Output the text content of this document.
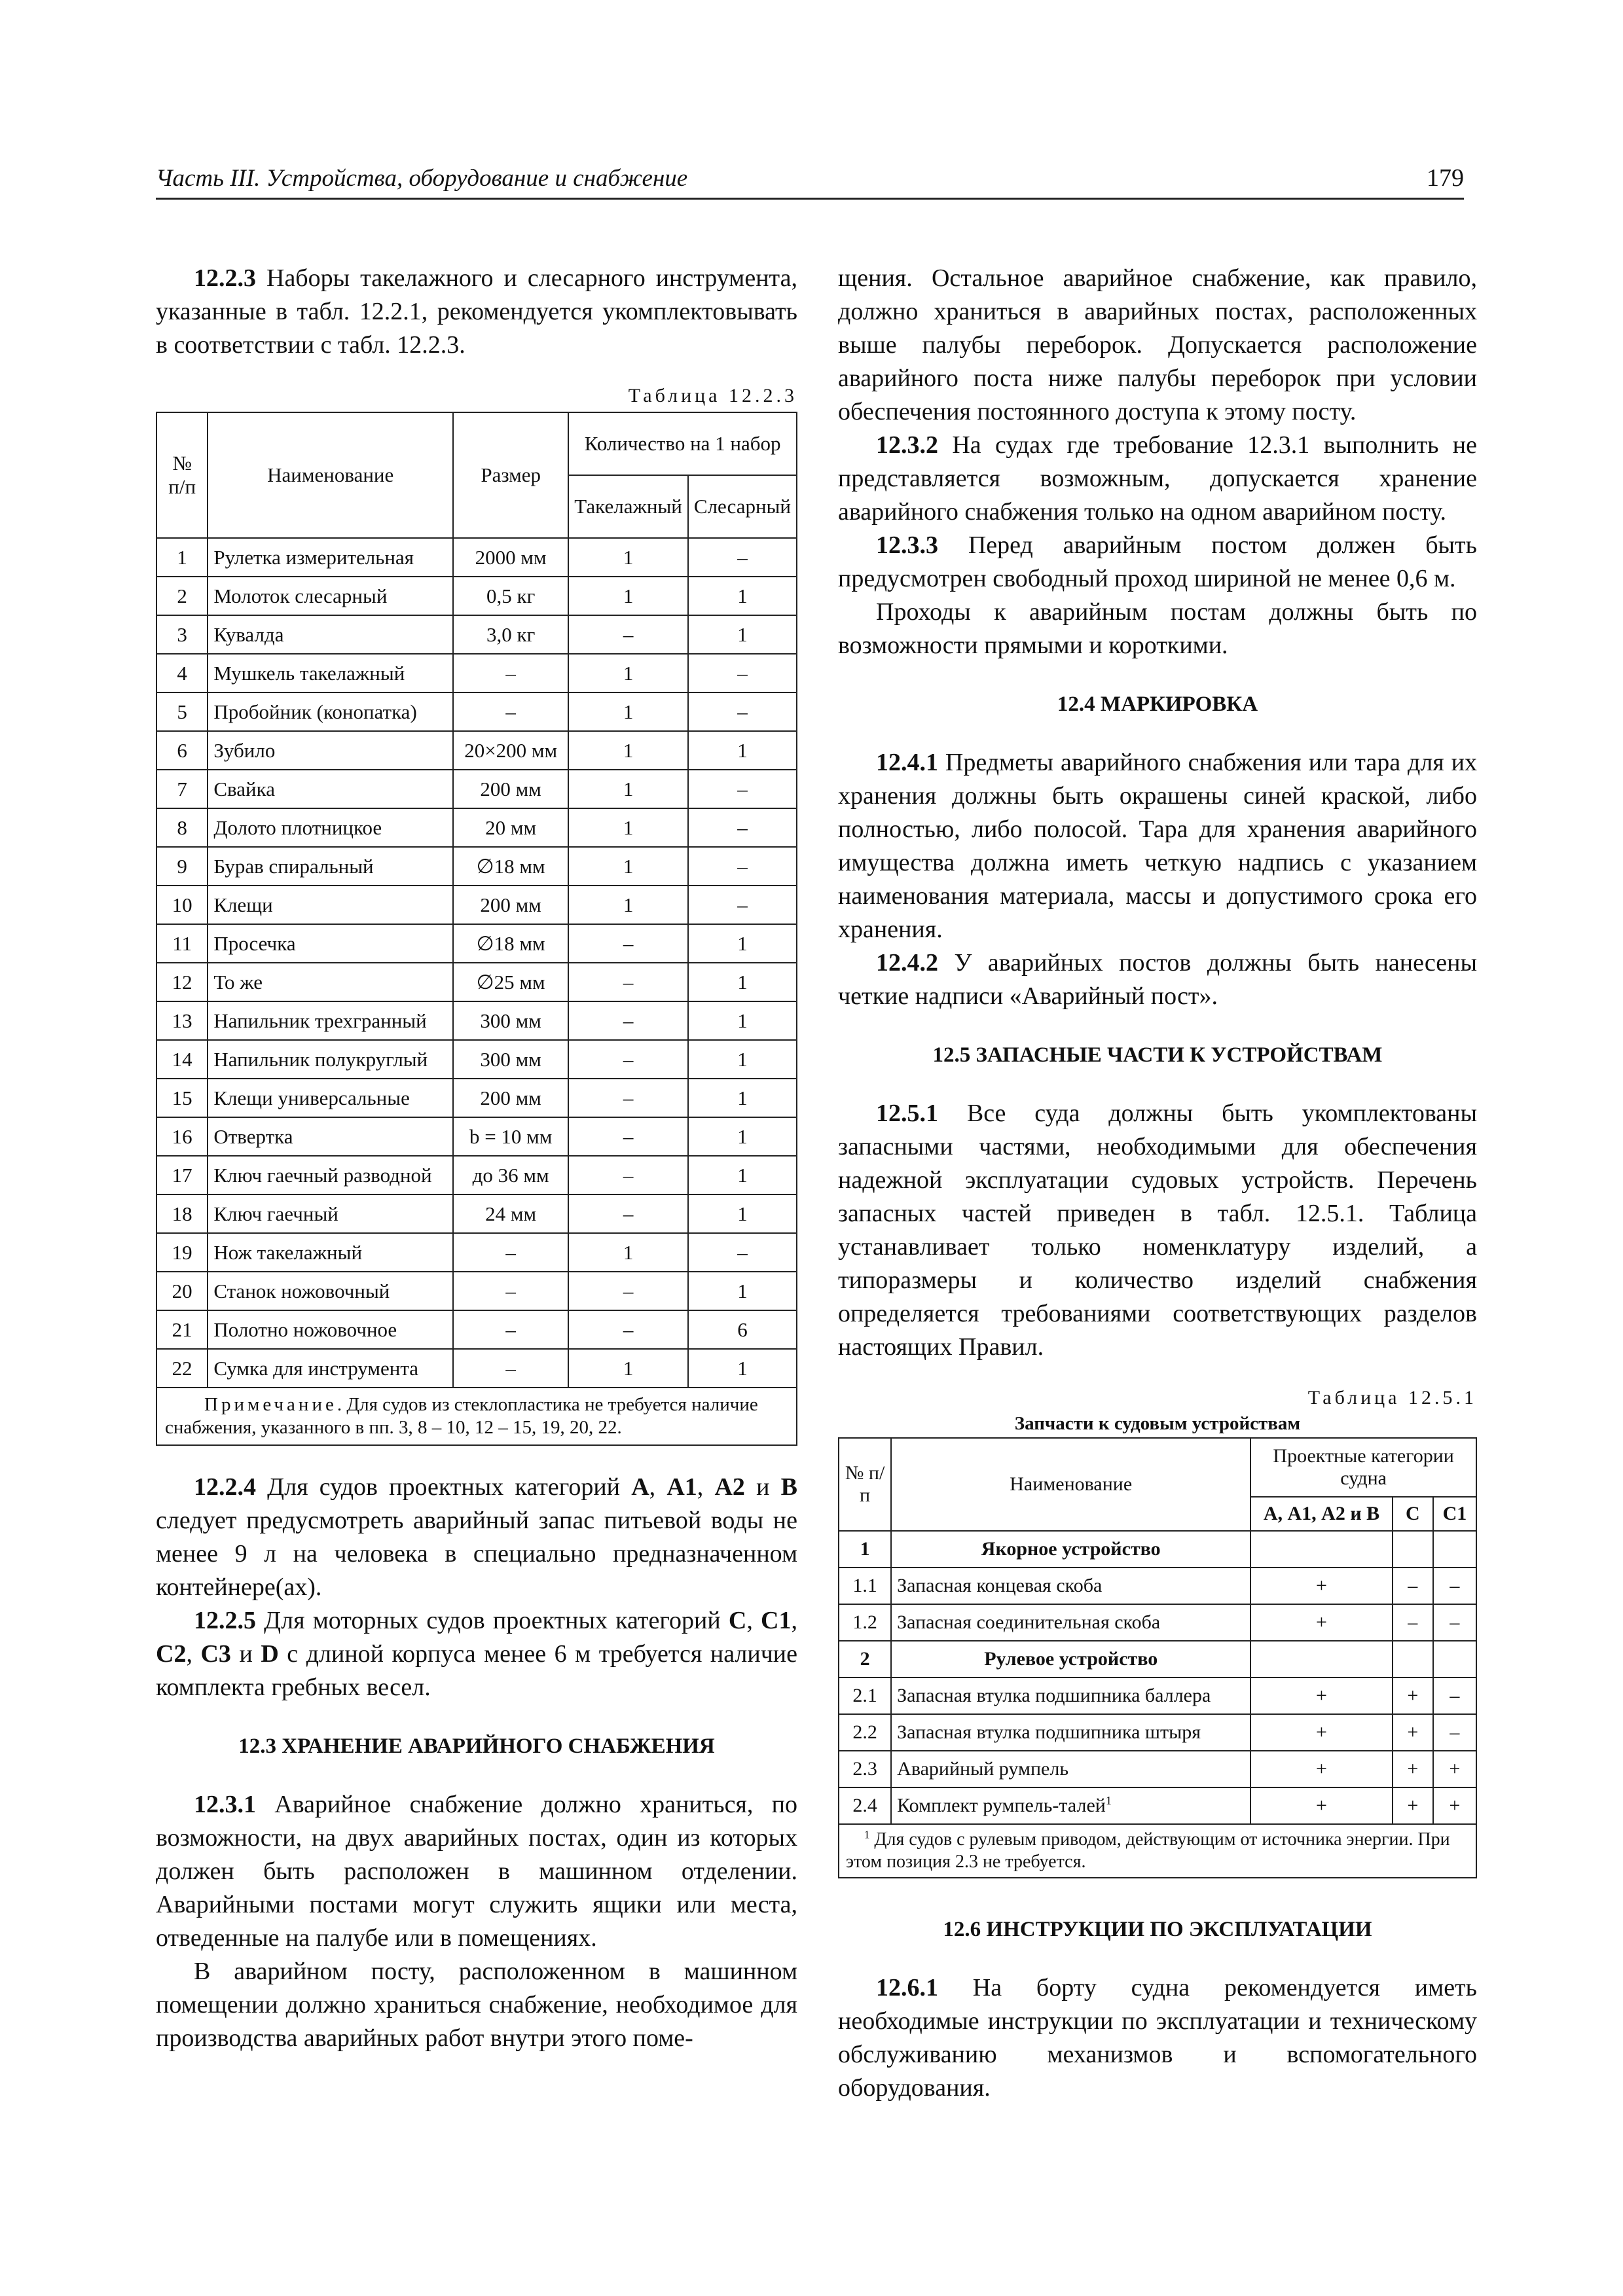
Часть III. Устройства, оборудование и снабжение	179

12.2.3 Наборы такелажного и слесарного инструмента, указанные в табл. 12.2.1, рекомендуется укомплектовывать в соответствии с табл. 12.2.3.

Таблица 12.2.3
№ п/п	Наименование	Размер	Количество на 1 набор	
			Такелажный	Слесарный
1	Рулетка измерительная	2000 мм	1	–
2	Молоток слесарный	0,5 кг	1	1
3	Кувалда	3,0 кг	–	1
4	Мушкель такелажный	–	1	–
5	Пробойник (конопатка)	–	1	–
6	Зубило	20×200 мм	1	1
7	Свайка	200 мм	1	–
8	Долото плотницкое	20 мм	1	–
9	Бурав спиральный	∅18 мм	1	–
10	Клещи	200 мм	1	–
11	Просечка	∅18 мм	–	1
12	То же	∅25 мм	–	1
13	Напильник трехгранный	300 мм	–	1
14	Напильник полукруглый	300 мм	–	1
15	Клещи универсальные	200 мм	–	1
16	Отвертка	b = 10 мм	–	1
17	Ключ гаечный разводной	до 36 мм	–	1
18	Ключ гаечный	24 мм	–	1
19	Нож такелажный	–	1	–
20	Станок ножовочный	–	–	1
21	Полотно ножовочное	–	–	6
22	Сумка для инструмента	–	1	1
Примечание. Для судов из стеклопластика не требуется наличие снабжения, указанного в пп. 3, 8 – 10, 12 – 15, 19, 20, 22.				

12.2.4 Для судов проектных категорий А, А1, А2 и В следует предусмотреть аварийный запас питьевой воды не менее 9 л на человека в специально предназначенном контейнере(ах).

12.2.5 Для моторных судов проектных категорий С, С1, С2, С3 и D с длиной корпуса менее 6 м требуется наличие комплекта гребных весел.

12.3 ХРАНЕНИЕ АВАРИЙНОГО СНАБЖЕНИЯ

12.3.1 Аварийное снабжение должно храниться, по возможности, на двух аварийных постах, один из которых должен быть расположен в машинном отделении. Аварийными постами могут служить ящики или места, отведенные на палубе или в помещениях.

В аварийном посту, расположенном в машинном помещении должно храниться снабжение, необходимое для производства аварийных работ внутри этого поме-

щения. Остальное аварийное снабжение, как правило, должно храниться в аварийных постах, расположенных выше палубы переборок. Допускается расположение аварийного поста ниже палубы переборок при условии обеспечения постоянного доступа к этому посту.

12.3.2 На судах где требование 12.3.1 выполнить не представляется возможным, допускается хранение аварийного снабжения только на одном аварийном посту.

12.3.3 Перед аварийным постом должен быть предусмотрен свободный проход шириной не менее 0,6 м.

Проходы к аварийным постам должны быть по возможности прямыми и короткими.

12.4 МАРКИРОВКА

12.4.1 Предметы аварийного снабжения или тара для их хранения должны быть окрашены синей краской, либо полностью, либо полосой. Тара для хранения аварийного имущества должна иметь четкую надпись с указанием наименования материала, массы и допустимого срока его хранения.

12.4.2 У аварийных постов должны быть нанесены четкие надписи «Аварийный пост».

12.5 ЗАПАСНЫЕ ЧАСТИ К УСТРОЙСТВАМ

12.5.1 Все суда должны быть укомплектованы запасными частями, необходимыми для обеспечения надежной эксплуатации судовых устройств. Перечень запасных частей приведен в табл. 12.5.1. Таблица устанавливает только номенклатуру изделий, а типоразмеры и количество изделий снабжения определяется требованиями соответствующих разделов настоящих Правил.

Таблица 12.5.1
Запчасти к судовым устройствам
№ п/п	Наименование	Проектные категории судна		
		А, А1, А2 и В	С	С1
1	Якорное устройство			
1.1	Запасная концевая скоба	+	–	–
1.2	Запасная соединительная скоба	+	–	–
2	Рулевое устройство			
2.1	Запасная втулка подшипника баллера	+	+	–
2.2	Запасная втулка подшипника штыря	+	+	–
2.3	Аварийный румпель	+	+	+
2.4	Комплект румпель-талей$^1$	+	+	+
$^1$ Для судов с рулевым приводом, действующим от источника энергии. При этом позиция 2.3 не требуется.				
12.6 ИНСТРУКЦИИ ПО ЭКСПЛУАТАЦИИ

12.6.1 На борту судна рекомендуется иметь необходимые инструкции по эксплуатации и техническому обслуживанию механизмов и вспомогательного оборудования.
